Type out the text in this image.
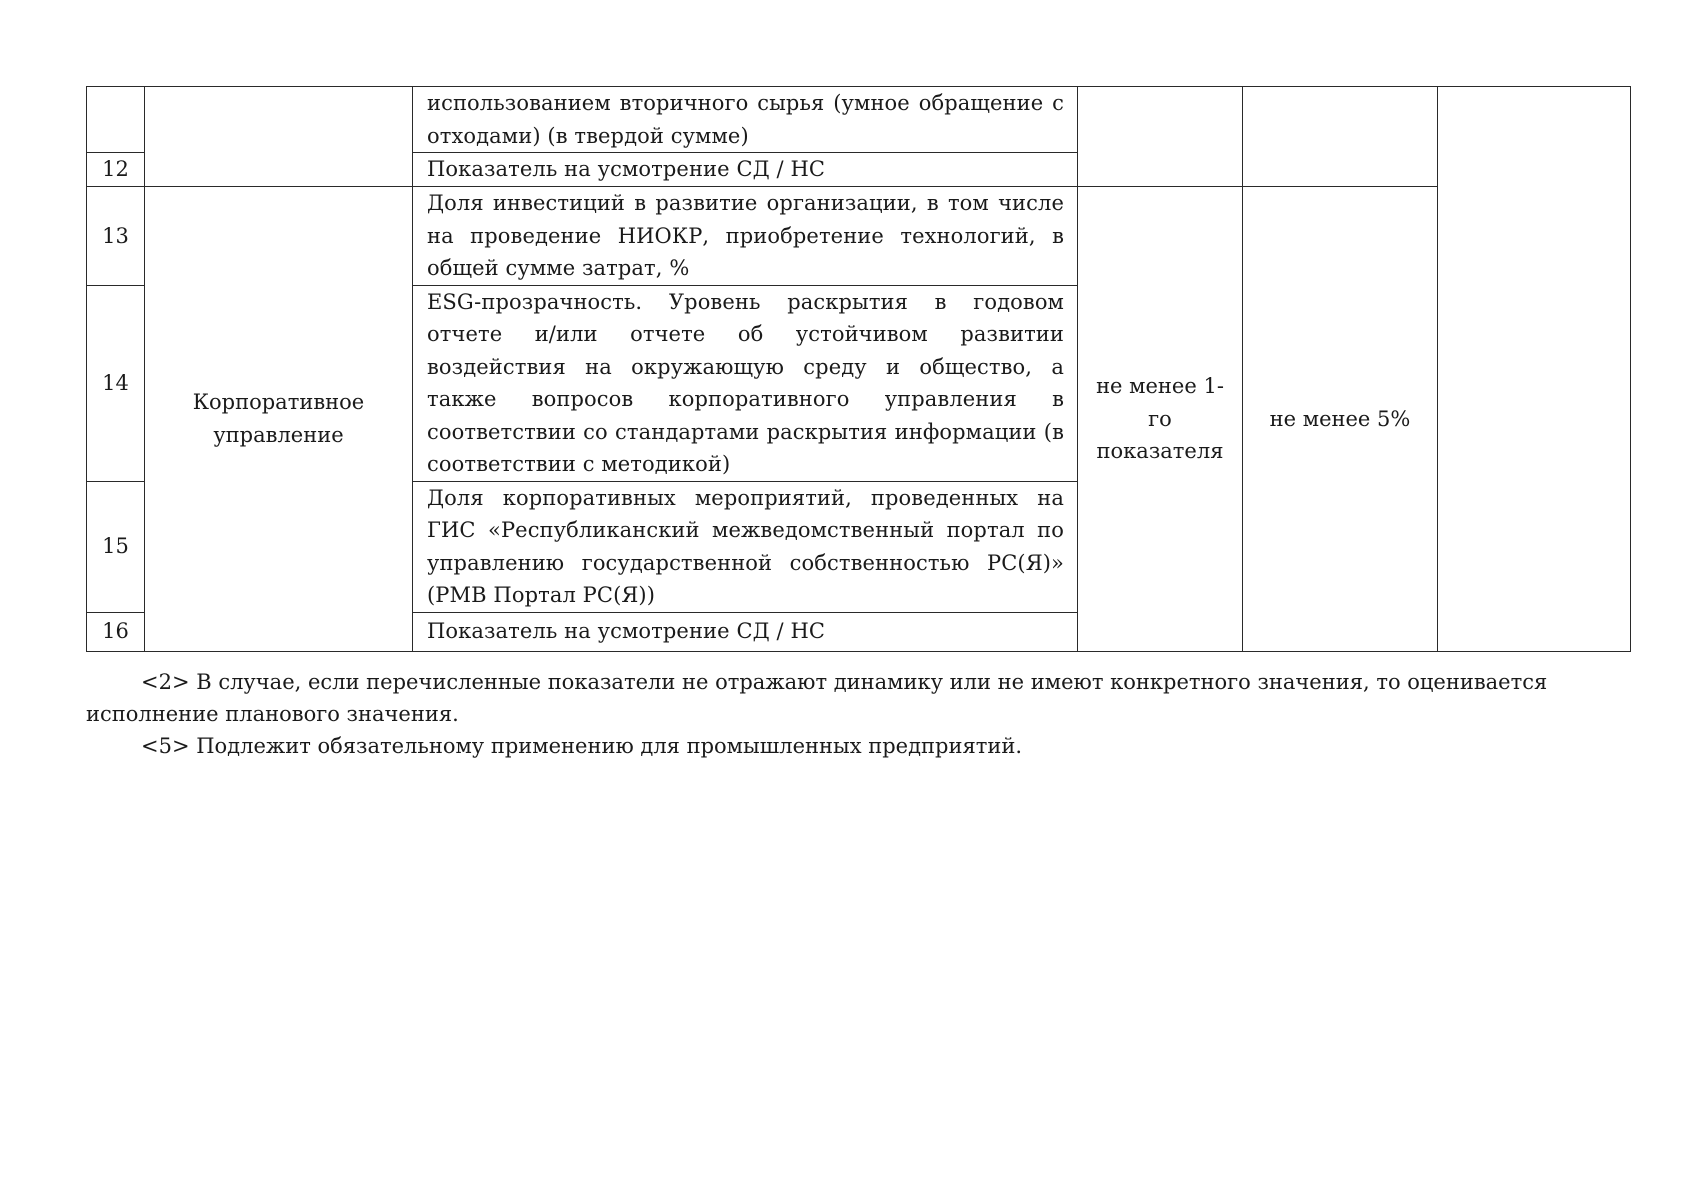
		использованием вторичного сырья (умное обращение с отходами) (в твердой сумме)			
12		Показатель на усмотрение СД / НС			
13	Корпоративное управление	Доля инвестиций в развитие организации, в том числе на проведение НИОКР, приобретение технологий, в общей сумме затрат, %	не менее 1-го показателя	не менее 5%	
14		ESG-прозрачность. Уровень раскрытия в годовом отчете и/или отчете об устойчивом развитии воздействия на окружающую среду и общество, а также вопросов корпоративного управления в соответствии со стандартами раскрытия информации (в соответствии с методикой)			
15		Доля корпоративных мероприятий, проведенных на ГИС «Республиканский межведомственный портал по управлению государственной собственностью РС(Я)» (РМВ Портал РС(Я))			
16		Показатель на усмотрение СД / НС			

<2> В случае, если перечисленные показатели не отражают динамику или не имеют конкретного значения, то оценивается исполнение планового значения.

<5> Подлежит обязательному применению для промышленных предприятий.
